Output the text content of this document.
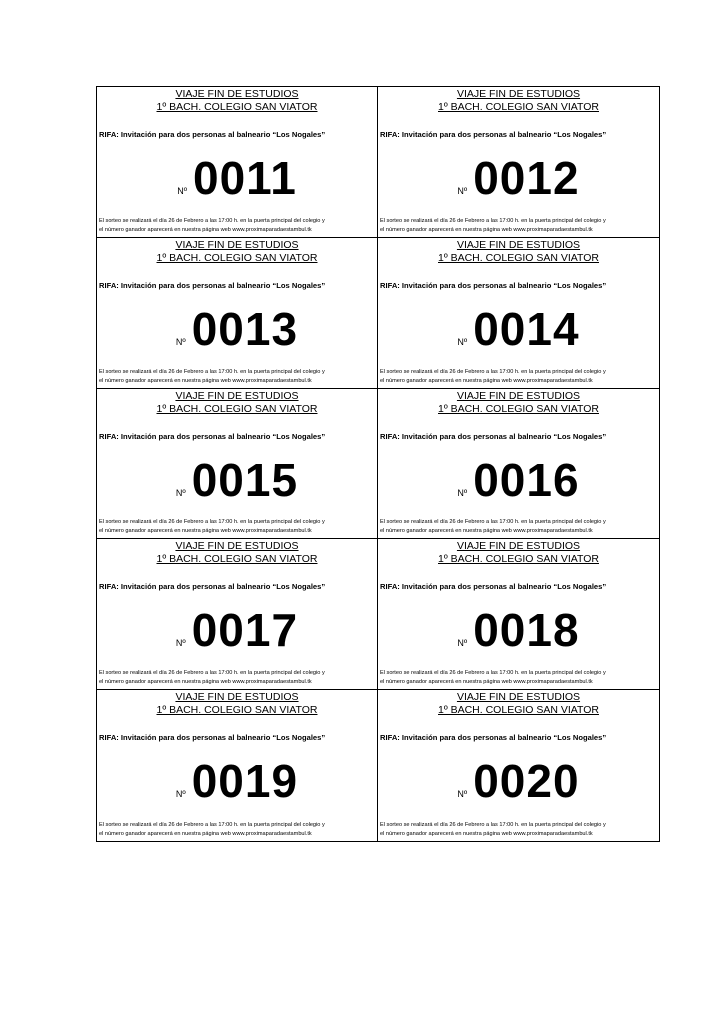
VIAJE FIN DE ESTUDIOS
1º BACH. COLEGIO SAN VIATOR
RIFA: Invitación para dos personas al balneario “Los Nogales”
Nº 0011
El sorteo se realizará el día 26 de Febrero a las 17:00 h. en la puerta principal del colegio y
el número ganador aparecerá en nuestra página web www.proximaparadaestambul.tk
VIAJE FIN DE ESTUDIOS
1º BACH. COLEGIO SAN VIATOR
RIFA: Invitación para dos personas al balneario “Los Nogales”
Nº 0012
El sorteo se realizará el día 26 de Febrero a las 17:00 h. en la puerta principal del colegio y
el número ganador aparecerá en nuestra página web www.proximaparadaestambul.tk
VIAJE FIN DE ESTUDIOS
1º BACH. COLEGIO SAN VIATOR
RIFA: Invitación para dos personas al balneario “Los Nogales”
Nº 0013
El sorteo se realizará el día 26 de Febrero a las 17:00 h. en la puerta principal del colegio y
el número ganador aparecerá en nuestra página web www.proximaparadaestambul.tk
VIAJE FIN DE ESTUDIOS
1º BACH. COLEGIO SAN VIATOR
RIFA: Invitación para dos personas al balneario “Los Nogales”
Nº 0014
El sorteo se realizará el día 26 de Febrero a las 17:00 h. en la puerta principal del colegio y
el número ganador aparecerá en nuestra página web www.proximaparadaestambul.tk
VIAJE FIN DE ESTUDIOS
1º BACH. COLEGIO SAN VIATOR
RIFA: Invitación para dos personas al balneario “Los Nogales”
Nº 0015
El sorteo se realizará el día 26 de Febrero a las 17:00 h. en la puerta principal del colegio y
el número ganador aparecerá en nuestra página web www.proximaparadaestambul.tk
VIAJE FIN DE ESTUDIOS
1º BACH. COLEGIO SAN VIATOR
RIFA: Invitación para dos personas al balneario “Los Nogales”
Nº 0016
El sorteo se realizará el día 26 de Febrero a las 17:00 h. en la puerta principal del colegio y
el número ganador aparecerá en nuestra página web www.proximaparadaestambul.tk
VIAJE FIN DE ESTUDIOS
1º BACH. COLEGIO SAN VIATOR
RIFA: Invitación para dos personas al balneario “Los Nogales”
Nº 0017
El sorteo se realizará el día 26 de Febrero a las 17:00 h. en la puerta principal del colegio y
el número ganador aparecerá en nuestra página web www.proximaparadaestambul.tk
VIAJE FIN DE ESTUDIOS
1º BACH. COLEGIO SAN VIATOR
RIFA: Invitación para dos personas al balneario “Los Nogales”
Nº 0018
El sorteo se realizará el día 26 de Febrero a las 17:00 h. en la puerta principal del colegio y
el número ganador aparecerá en nuestra página web www.proximaparadaestambul.tk
VIAJE FIN DE ESTUDIOS
1º BACH. COLEGIO SAN VIATOR
RIFA: Invitación para dos personas al balneario “Los Nogales”
Nº 0019
El sorteo se realizará el día 26 de Febrero a las 17:00 h. en la puerta principal del colegio y
el número ganador aparecerá en nuestra página web www.proximaparadaestambul.tk
VIAJE FIN DE ESTUDIOS
1º BACH. COLEGIO SAN VIATOR
RIFA: Invitación para dos personas al balneario “Los Nogales”
Nº 0020
El sorteo se realizará el día 26 de Febrero a las 17:00 h. en la puerta principal del colegio y
el número ganador aparecerá en nuestra página web www.proximaparadaestambul.tk
